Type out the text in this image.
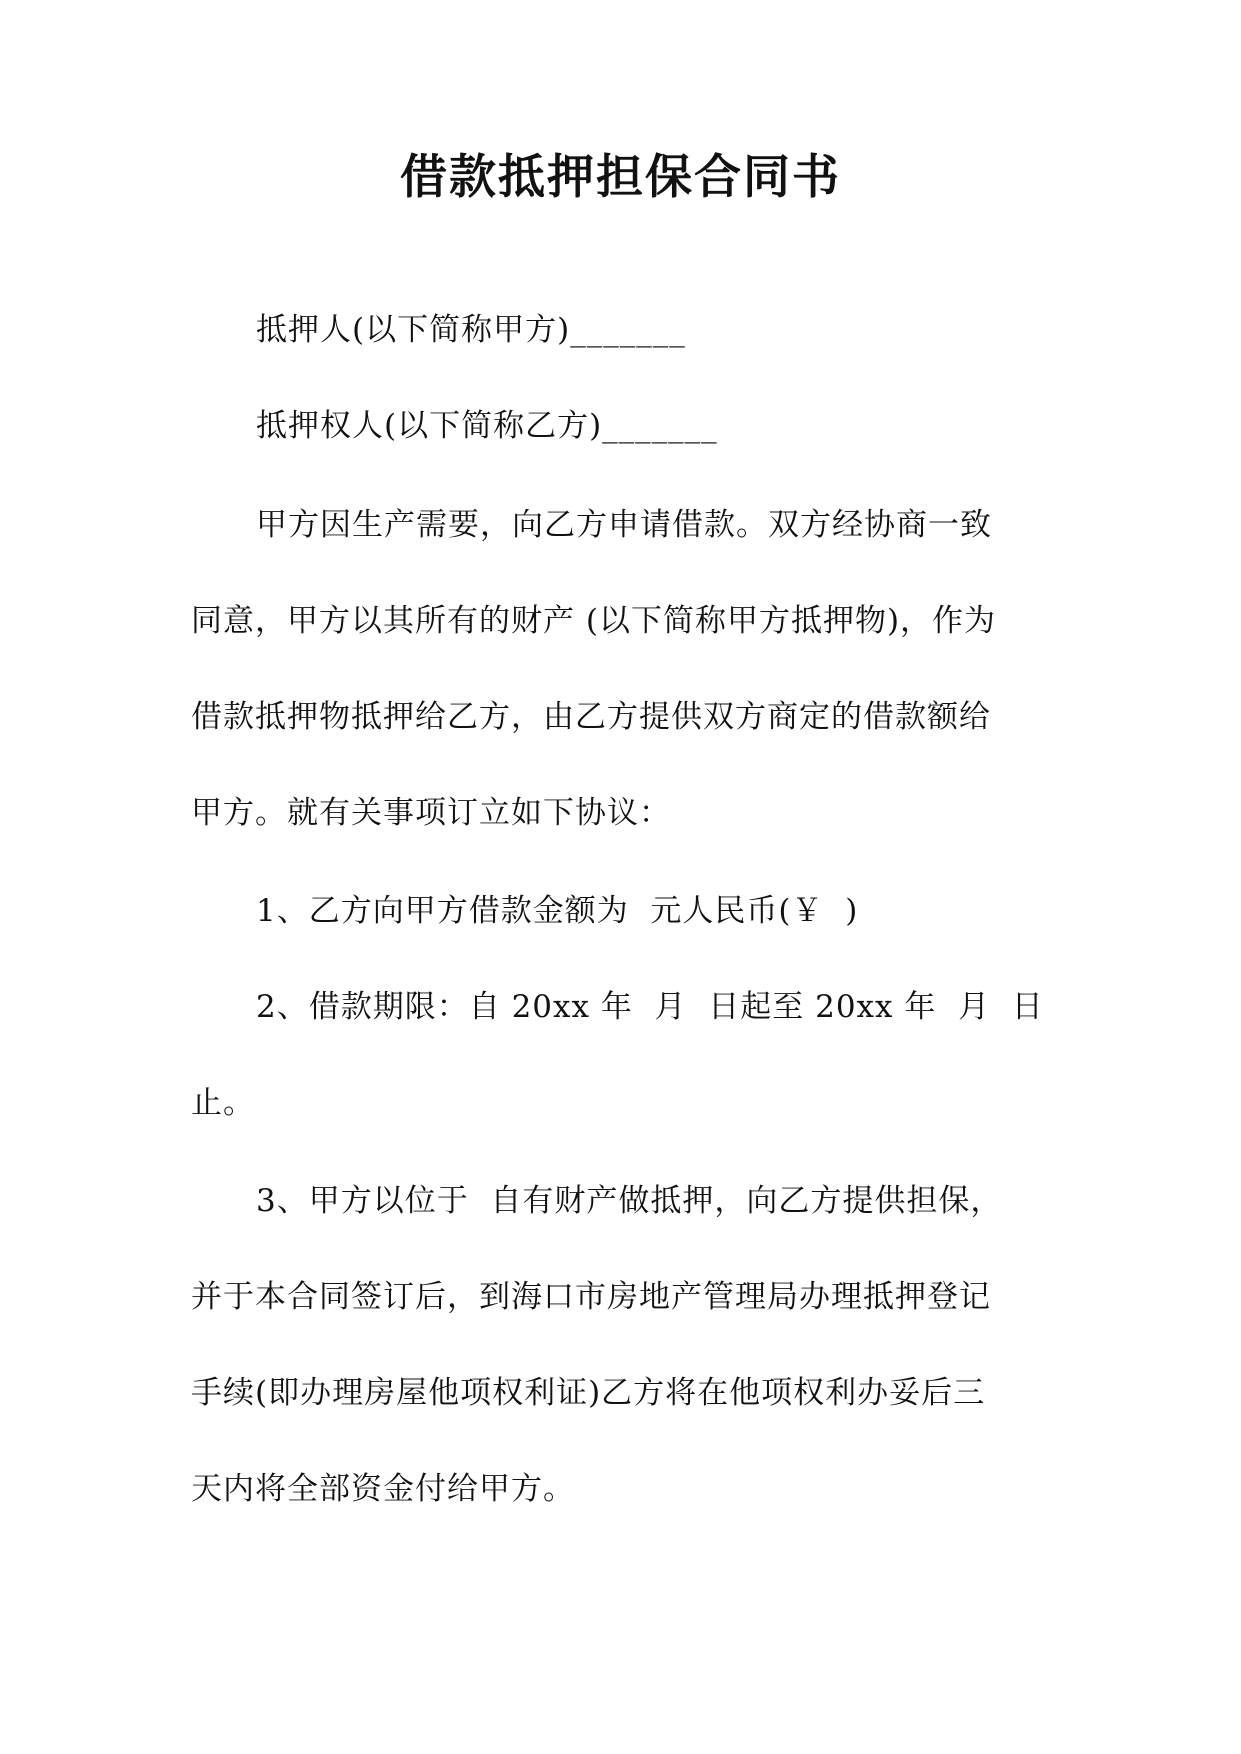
借款抵押担保合同书
抵押人(以下简称甲方)_______
抵押权人(以下简称乙方)_______
甲方因生产需要，向乙方申请借款。双方经协商一致
同意，甲方以其所有的财产 (以下简称甲方抵押物)，作为
借款抵押物抵押给乙方，由乙方提供双方商定的借款额给
甲方。就有关事项订立如下协议：
1、乙方向甲方借款金额为  元人民币(￥  )
2、借款期限：自 20xx 年  月  日起至 20xx 年  月  日
止。
3、甲方以位于  自有财产做抵押，向乙方提供担保，
并于本合同签订后，到海口市房地产管理局办理抵押登记
手续(即办理房屋他项权利证)乙方将在他项权利办妥后三
天内将全部资金付给甲方。
